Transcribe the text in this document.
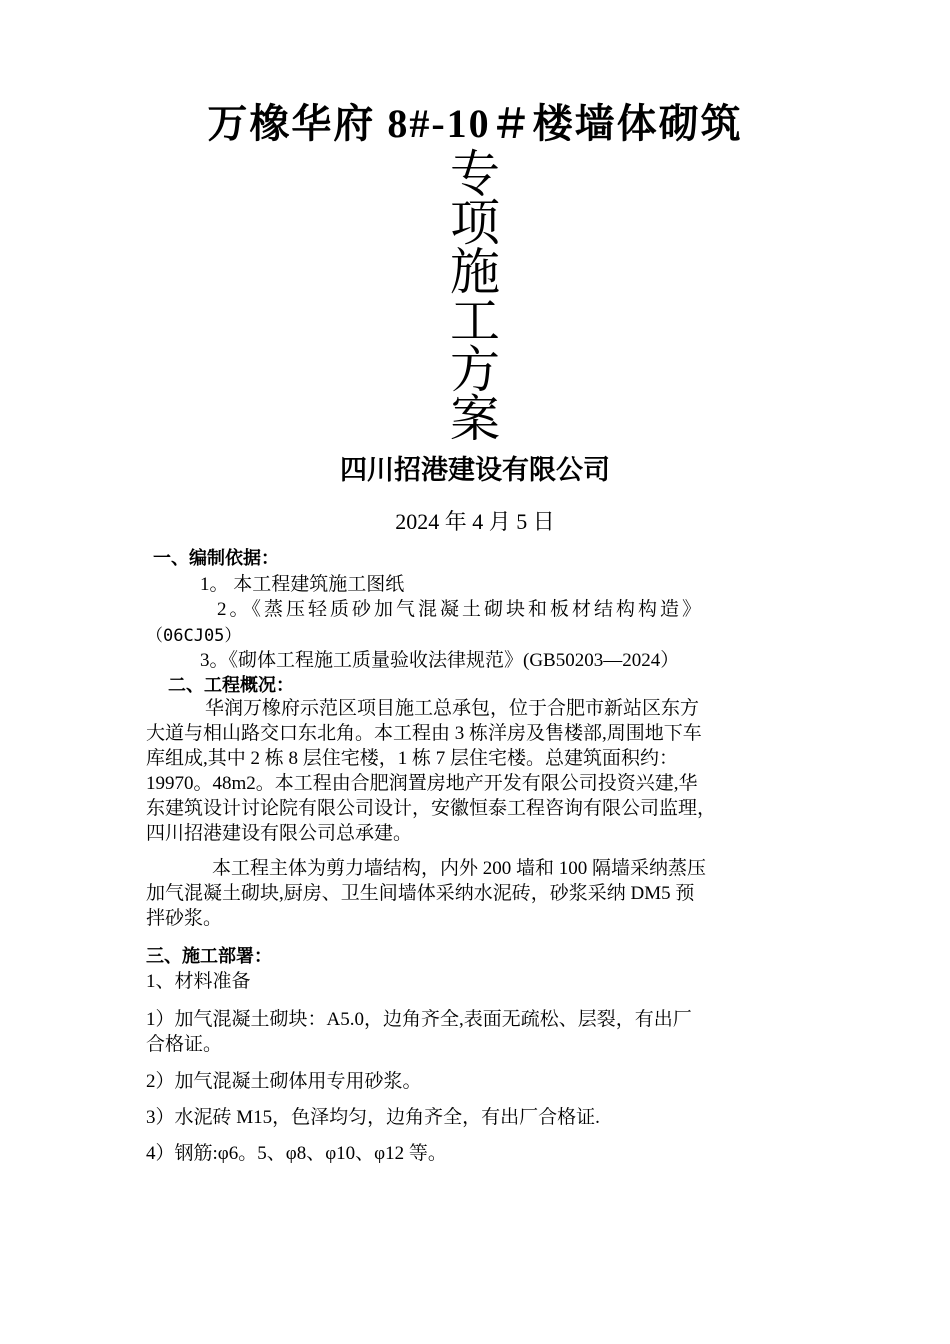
万橡华府 8#-10＃楼墙体砌筑
专
项
施
工
方
案
四川招港建设有限公司
2024 年 4 月 5 日
一、编制依据：
1。 本工程建筑施工图纸
2。《蒸压轻质砂加气混凝土砌块和板材结构构造》
（06CJ05）
3。《砌体工程施工质量验收法律规范》(GB50203—2024）
二、工程概况：
华润万橡府示范区项目施工总承包，位于合肥市新站区东方
大道与相山路交口东北角。本工程由 3 栋洋房及售楼部,周围地下车
库组成,其中 2 栋 8 层住宅楼，1 栋 7 层住宅楼。总建筑面积约：
19970。48m2。本工程由合肥润置房地产开发有限公司投资兴建,华
东建筑设计讨论院有限公司设计，安徽恒泰工程咨询有限公司监理，
四川招港建设有限公司总承建。
本工程主体为剪力墙结构，内外 200 墙和 100 隔墙采纳蒸压
加气混凝土砌块,厨房、卫生间墙体采纳水泥砖，砂浆采纳 DM5 预
拌砂浆。
三、施工部署：
1、材料准备
1）加气混凝土砌块：A5.0，边角齐全,表面无疏松、层裂，有出厂
合格证。
2）加气混凝土砌体用专用砂浆。
3）水泥砖 M15，色泽均匀，边角齐全，有出厂合格证.
4）钢筋:φ6。5、φ8、φ10、φ12 等。
